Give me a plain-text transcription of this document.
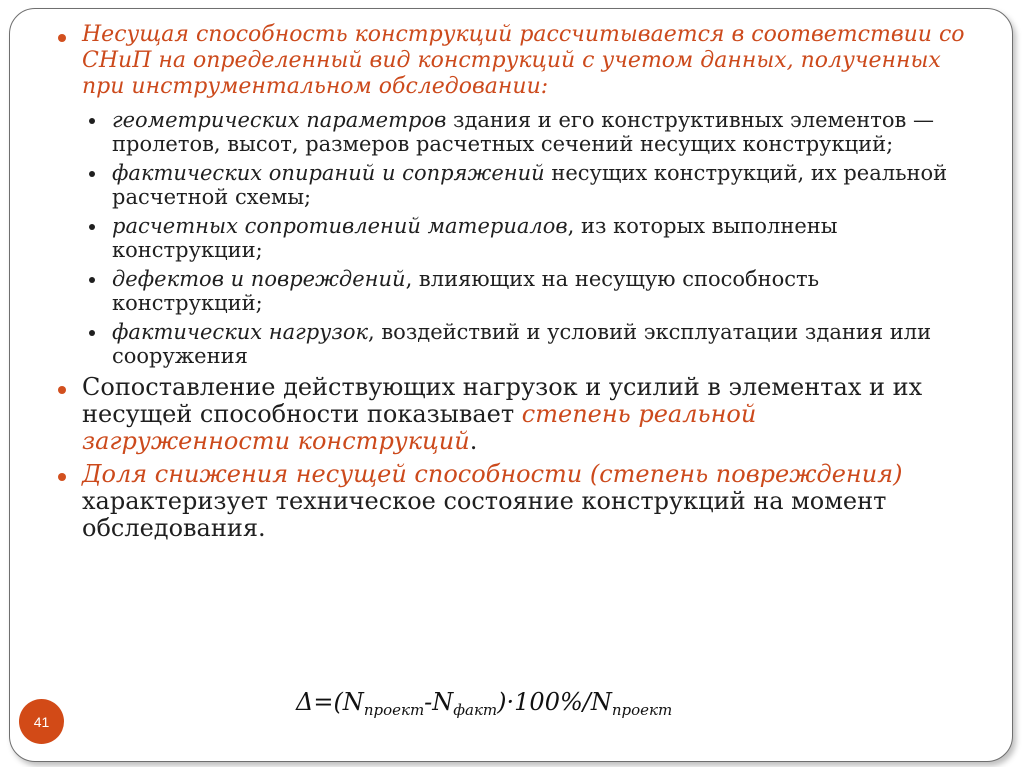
Несущая способность конструкций рассчитывается в соответствии со СНиП на определенный вид конструкций с учетом данных, полученных при инструментальном обследовании:
геометрических параметров здания и его конструктивных элементов — пролетов, высот, размеров расчетных сечений несущих конструкций;
фактических опираний и сопряжений несущих конструкций, их реальной расчетной схемы;
расчетных сопротивлений материалов, из которых выполнены конструкции;
дефектов и повреждений, влияющих на несущую способность конструкций;
фактических нагрузок, воздействий и условий эксплуатации здания или сооружения
Сопоставление действующих нагрузок и усилий в элементах и их несущей способности показывает степень реальной загруженности конструкций.
Доля снижения несущей способности (степень повреждения) характеризует техническое состояние конструкций на момент обследования.
$\Delta=(N_{проект}-N_{факт})\cdot 100\%/N_{проект}$
41
